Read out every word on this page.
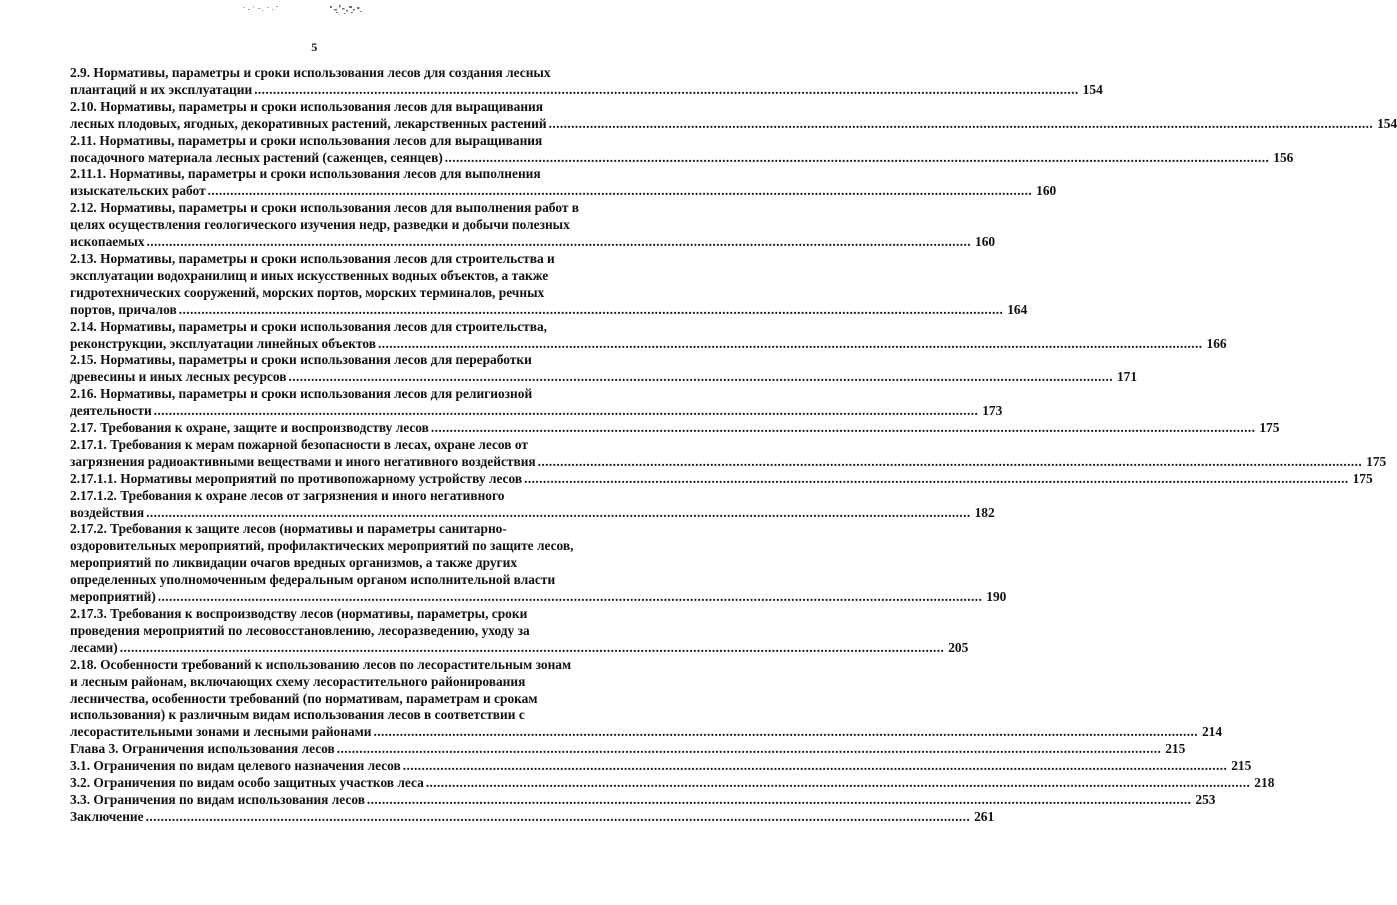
5
2.9. Нормативы, параметры и сроки использования лесов для создания лесных
плантаций и их эксплуатации ............................................................................................................................................................................................................................ 154
2.10. Нормативы, параметры и сроки использования лесов для выращивания
лесных плодовых, ягодных, декоративных растений, лекарственных растений ............................................................................................................................................................................................................................ 154
2.11. Нормативы, параметры и сроки использования лесов для выращивания
посадочного материала лесных растений (саженцев, сеянцев) ............................................................................................................................................................................................................................ 156
2.11.1. Нормативы, параметры и сроки использования лесов для выполнения
изыскательских работ ............................................................................................................................................................................................................................ 160
2.12. Нормативы, параметры и сроки использования лесов для выполнения работ в
целях осуществления геологического изучения недр, разведки и добычи полезных
ископаемых ............................................................................................................................................................................................................................ 160
2.13. Нормативы, параметры и сроки использования лесов для строительства и
эксплуатации водохранилищ и иных искусственных водных объектов, а также
гидротехнических сооружений, морских портов, морских терминалов, речных
портов, причалов ............................................................................................................................................................................................................................ 164
2.14. Нормативы, параметры и сроки использования лесов для строительства,
реконструкции, эксплуатации линейных объектов ............................................................................................................................................................................................................................ 166
2.15. Нормативы, параметры и сроки использования лесов для переработки
древесины и иных лесных ресурсов ............................................................................................................................................................................................................................ 171
2.16. Нормативы, параметры и сроки использования лесов для религиозной
деятельности ............................................................................................................................................................................................................................ 173
2.17. Требования к охране, защите и воспроизводству лесов ............................................................................................................................................................................................................................ 175
2.17.1. Требования к мерам пожарной безопасности в лесах, охране лесов от
загрязнения радиоактивными веществами и иного негативного воздействия ............................................................................................................................................................................................................................ 175
2.17.1.1. Нормативы мероприятий по противопожарному устройству лесов ............................................................................................................................................................................................................................ 175
2.17.1.2. Требования к охране лесов от загрязнения и иного негативного
воздействия ............................................................................................................................................................................................................................ 182
2.17.2. Требования к защите лесов (нормативы и параметры санитарно-
оздоровительных мероприятий, профилактических мероприятий по защите лесов,
мероприятий по ликвидации очагов вредных организмов, а также других
определенных уполномоченным федеральным органом исполнительной власти
мероприятий) ............................................................................................................................................................................................................................ 190
2.17.3. Требования к воспроизводству лесов (нормативы, параметры, сроки
проведения мероприятий по лесовосстановлению, лесоразведению, уходу за
лесами) ............................................................................................................................................................................................................................ 205
2.18. Особенности требований к использованию лесов по лесорастительным зонам
и лесным районам, включающих схему лесорастительного районирования
лесничества, особенности требований (по нормативам, параметрам и срокам
использования) к различным видам использования лесов в соответствии с
лесорастительными зонами и лесными районами ............................................................................................................................................................................................................................ 214
Глава 3. Ограничения использования лесов ............................................................................................................................................................................................................................ 215
3.1. Ограничения по видам целевого назначения лесов ............................................................................................................................................................................................................................ 215
3.2. Ограничения по видам особо защитных участков леса ............................................................................................................................................................................................................................ 218
3.3. Ограничения по видам использования лесов ............................................................................................................................................................................................................................ 253
Заключение ............................................................................................................................................................................................................................ 261
